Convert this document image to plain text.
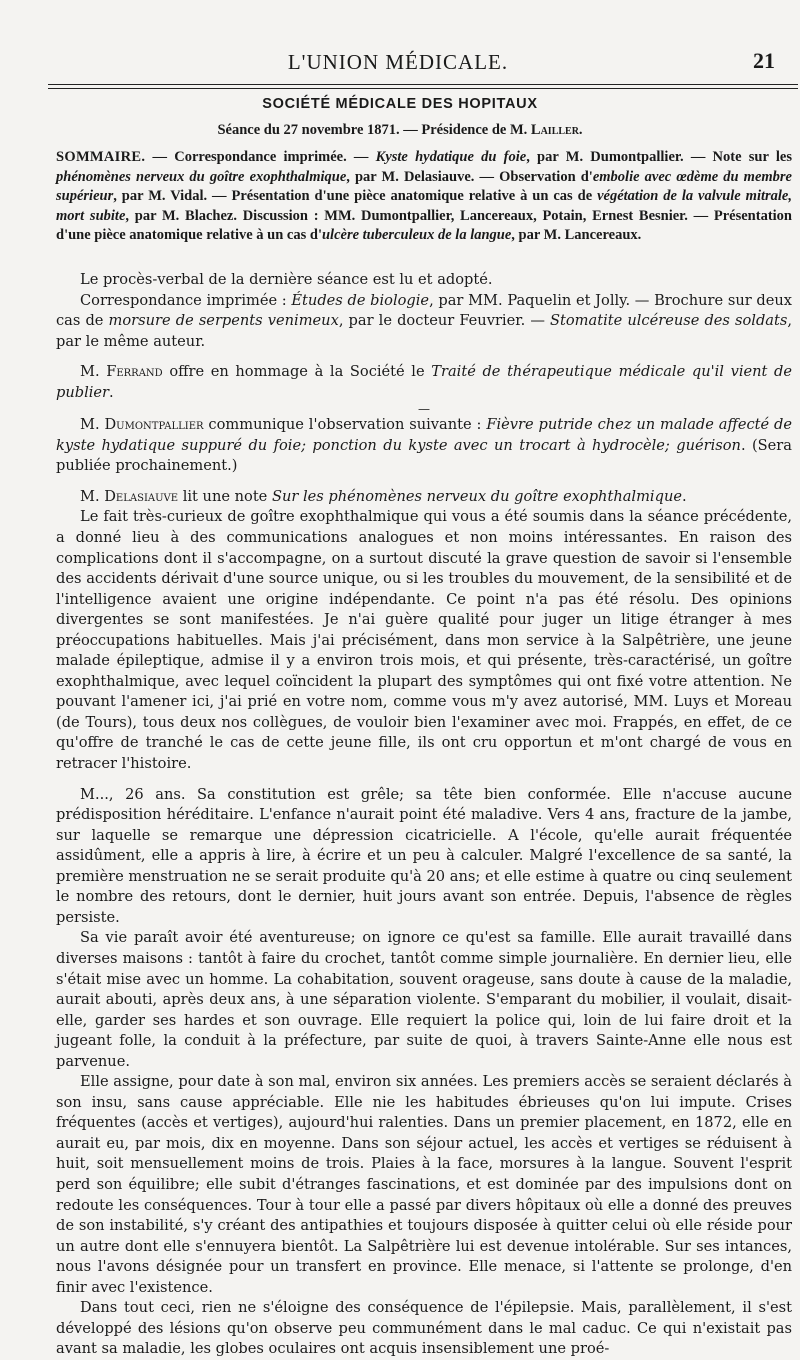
L'UNION MÉDICALE.	21
SOCIÉTÉ MÉDICALE DES HOPITAUX
Séance du 27 novembre 1871. — Présidence de M. Lailler.
SOMMAIRE. — Correspondance imprimée. — Kyste hydatique du foie, par M. Dumontpallier. — Note sur les phénomènes nerveux du goître exophthalmique, par M. Delasiauve. — Observation d'embolie avec œdème du membre supérieur, par M. Vidal. — Présentation d'une pièce anatomique relative à un cas de végétation de la valvule mitrale, mort subite, par M. Blachez. Discussion : MM. Dumontpallier, Lancereaux, Potain, Ernest Besnier. — Présentation d'une pièce anatomique relative à un cas d'ulcère tuberculeux de la langue, par M. Lancereaux.

Le procès-verbal de la dernière séance est lu et adopté.

Correspondance imprimée : Études de biologie, par MM. Paquelin et Jolly. — Brochure sur deux cas de morsure de serpents venimeux, par le docteur Feuvrier. — Stomatite ulcéreuse des soldats, par le même auteur.

M. Ferrand offre en hommage à la Société le Traité de thérapeutique médicale qu'il vient de publier.

—

M. Dumontpallier communique l'observation suivante : Fièvre putride chez un malade affecté de kyste hydatique suppuré du foie; ponction du kyste avec un trocart à hydrocèle; guérison. (Sera publiée prochainement.)

M. Delasiauve lit une note Sur les phénomènes nerveux du goître exophthalmique.

Le fait très-curieux de goître exophthalmique qui vous a été soumis dans la séance précédente, a donné lieu à des communications analogues et non moins intéressantes. En raison des complications dont il s'accompagne, on a surtout discuté la grave question de savoir si l'ensemble des accidents dérivait d'une source unique, ou si les troubles du mouvement, de la sensibilité et de l'intelligence avaient une origine indépendante. Ce point n'a pas été résolu. Des opinions divergentes se sont manifestées. Je n'ai guère qualité pour juger un litige étranger à mes préoccupations habituelles. Mais j'ai précisément, dans mon service à la Salpêtrière, une jeune malade épileptique, admise il y a environ trois mois, et qui présente, très-caractérisé, un goître exophthalmique, avec lequel coïncident la plupart des symptômes qui ont fixé votre attention. Ne pouvant l'amener ici, j'ai prié en votre nom, comme vous m'y avez autorisé, MM. Luys et Moreau (de Tours), tous deux nos collègues, de vouloir bien l'examiner avec moi. Frappés, en effet, de ce qu'offre de tranché le cas de cette jeune fille, ils ont cru opportun et m'ont chargé de vous en retracer l'histoire.

M..., 26 ans. Sa constitution est grêle; sa tête bien conformée. Elle n'accuse aucune prédisposition héréditaire. L'enfance n'aurait point été maladive. Vers 4 ans, fracture de la jambe, sur laquelle se remarque une dépression cicatricielle. A l'école, qu'elle aurait fréquentée assidûment, elle a appris à lire, à écrire et un peu à calculer. Malgré l'excellence de sa santé, la première menstruation ne se serait produite qu'à 20 ans; et elle estime à quatre ou cinq seulement le nombre des retours, dont le dernier, huit jours avant son entrée. Depuis, l'absence de règles persiste.

Sa vie paraît avoir été aventureuse; on ignore ce qu'est sa famille. Elle aurait travaillé dans diverses maisons : tantôt à faire du crochet, tantôt comme simple journalière. En dernier lieu, elle s'était mise avec un homme. La cohabitation, souvent orageuse, sans doute à cause de la maladie, aurait abouti, après deux ans, à une séparation violente. S'emparant du mobilier, il voulait, disait-elle, garder ses hardes et son ouvrage. Elle requiert la police qui, loin de lui faire droit et la jugeant folle, la conduit à la préfecture, par suite de quoi, à travers Sainte-Anne elle nous est parvenue.

Elle assigne, pour date à son mal, environ six années. Les premiers accès se seraient déclarés à son insu, sans cause appréciable. Elle nie les habitudes ébrieuses qu'on lui impute. Crises fréquentes (accès et vertiges), aujourd'hui ralenties. Dans un premier placement, en 1872, elle en aurait eu, par mois, dix en moyenne. Dans son séjour actuel, les accès et vertiges se réduisent à huit, soit mensuellement moins de trois. Plaies à la face, morsures à la langue. Souvent l'esprit perd son équilibre; elle subit d'étranges fascinations, et est dominée par des impulsions dont on redoute les conséquences. Tour à tour elle a passé par divers hôpitaux où elle a donné des preuves de son instabilité, s'y créant des antipathies et toujours disposée à quitter celui où elle réside pour un autre dont elle s'ennuyera bientôt. La Salpêtrière lui est devenue intolérable. Sur ses intances, nous l'avons désignée pour un transfert en province. Elle menace, si l'attente se prolonge, d'en finir avec l'existence.

Dans tout ceci, rien ne s'éloigne des conséquence de l'épilepsie. Mais, parallèlement, il s'est développé des lésions qu'on observe peu communément dans le mal caduc. Ce qui n'existait pas avant sa maladie, les globes oculaires ont acquis insensiblement une proé-
